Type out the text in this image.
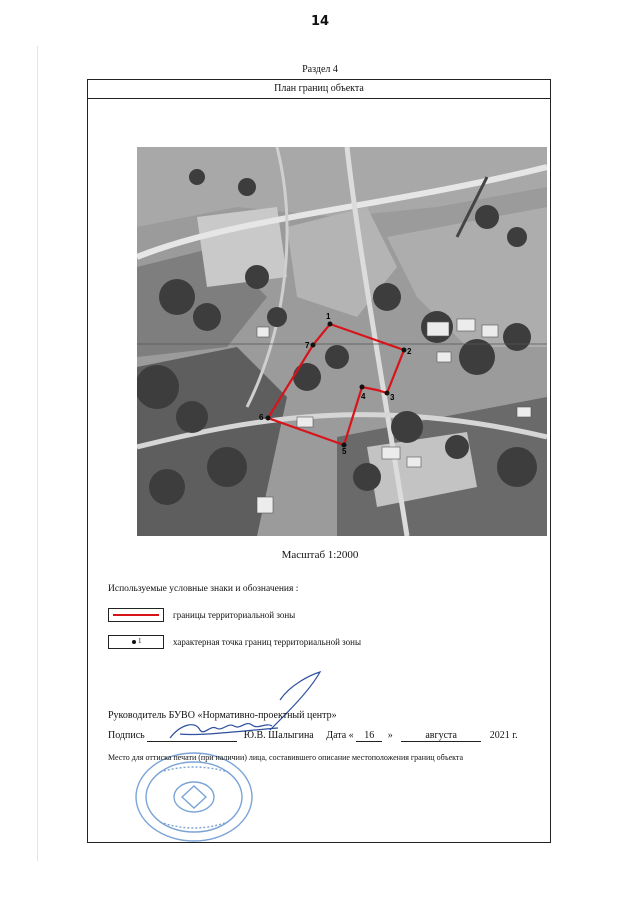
14
Раздел 4
План границ объекта
1
2
3
4
5
6
7
Масштаб 1:2000
Используемые условные знаки и обозначения :
границы территориальной зоны
1	характерная точка границ территориальной зоны
Руководитель БУВО «Нормативно-проектный центр»
Подпись	Ю.В. Шалыгина Дата « 16 »	августа	2021 г.
Место для оттиска печати (при наличии) лица, составившего описание местоположения границ объекта
